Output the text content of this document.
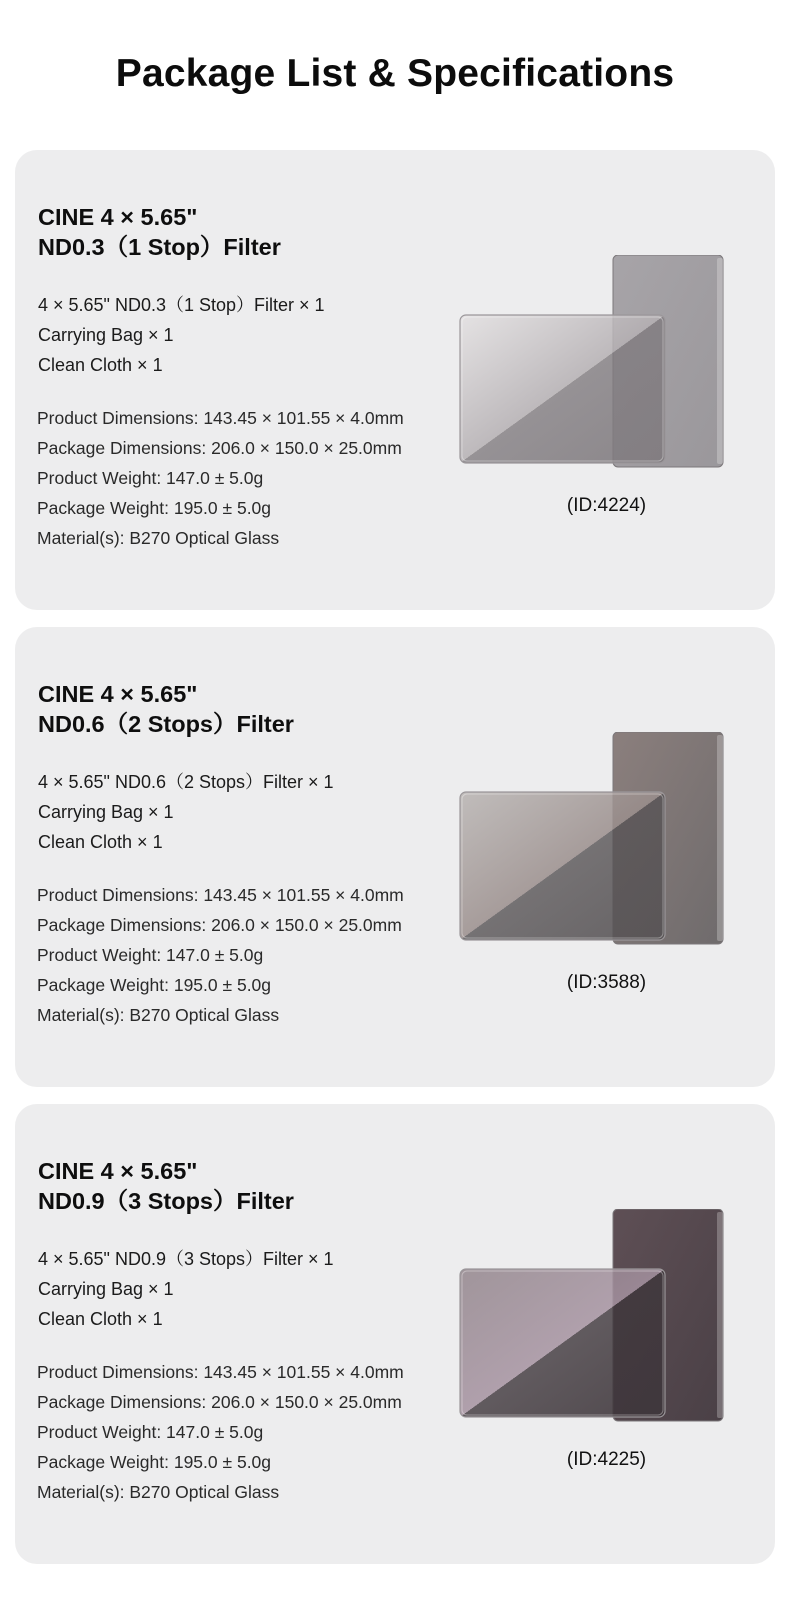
Package List & Specifications
CINE 4 × 5.65"
ND0.3（1 Stop）Filter
4 × 5.65" ND0.3（1 Stop）Filter × 1
Carrying Bag × 1
Clean Cloth × 1
Product Dimensions: 143.45 × 101.55 × 4.0mm
Package Dimensions: 206.0 × 150.0 × 25.0mm
Product Weight: 147.0 ± 5.0g
Package Weight: 195.0 ± 5.0g
Material(s): B270 Optical Glass
(ID:4224)
CINE 4 × 5.65"
ND0.6（2 Stops）Filter
4 × 5.65" ND0.6（2 Stops）Filter × 1
Carrying Bag × 1
Clean Cloth × 1
Product Dimensions: 143.45 × 101.55 × 4.0mm
Package Dimensions: 206.0 × 150.0 × 25.0mm
Product Weight: 147.0 ± 5.0g
Package Weight: 195.0 ± 5.0g
Material(s): B270 Optical Glass
(ID:3588)
CINE 4 × 5.65"
ND0.9（3 Stops）Filter
4 × 5.65" ND0.9（3 Stops）Filter × 1
Carrying Bag × 1
Clean Cloth × 1
Product Dimensions: 143.45 × 101.55 × 4.0mm
Package Dimensions: 206.0 × 150.0 × 25.0mm
Product Weight: 147.0 ± 5.0g
Package Weight: 195.0 ± 5.0g
Material(s): B270 Optical Glass
(ID:4225)
